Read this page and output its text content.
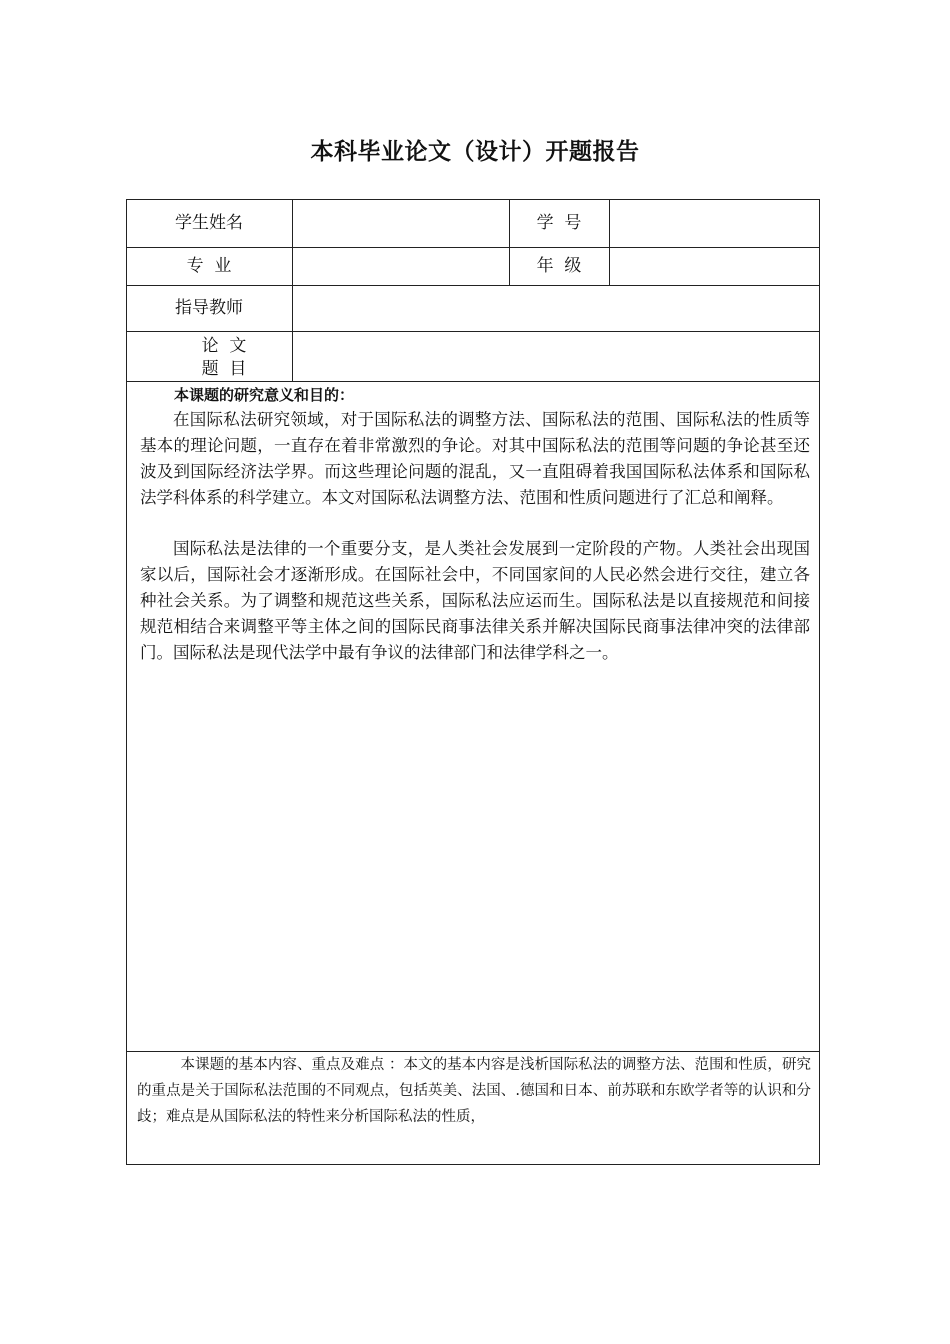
本科毕业论文（设计）开题报告
学生姓名	学  号
专  业	年  级
指导教师
论  文
题  目
本课题的研究意义和目的：

在国际私法研究领域，对于国际私法的调整方法、国际私法的范围、国际私法的性质等基本的理论问题，一直存在着非常激烈的争论。对其中国际私法的范围等问题的争论甚至还波及到国际经济法学界。而这些理论问题的混乱，又一直阻碍着我国国际私法体系和国际私法学科体系的科学建立。本文对国际私法调整方法、范围和性质问题进行了汇总和阐释。

国际私法是法律的一个重要分支，是人类社会发展到一定阶段的产物。人类社会出现国家以后，国际社会才逐渐形成。在国际社会中，不同国家间的人民必然会进行交往，建立各种社会关系。为了调整和规范这些关系，国际私法应运而生。国际私法是以直接规范和间接规范相结合来调整平等主体之间的国际民商事法律关系并解决国际民商事法律冲突的法律部门。国际私法是现代法学中最有争议的法律部门和法律学科之一。

本课题的基本内容、重点及难点 ：本文的基本内容是浅析国际私法的调整方法、范围和性质，研究的重点是关于国际私法范围的不同观点，包括英美、法国、.德国和日本、前苏联和东欧学者等的认识和分歧；难点是从国际私法的特性来分析国际私法的性质，
